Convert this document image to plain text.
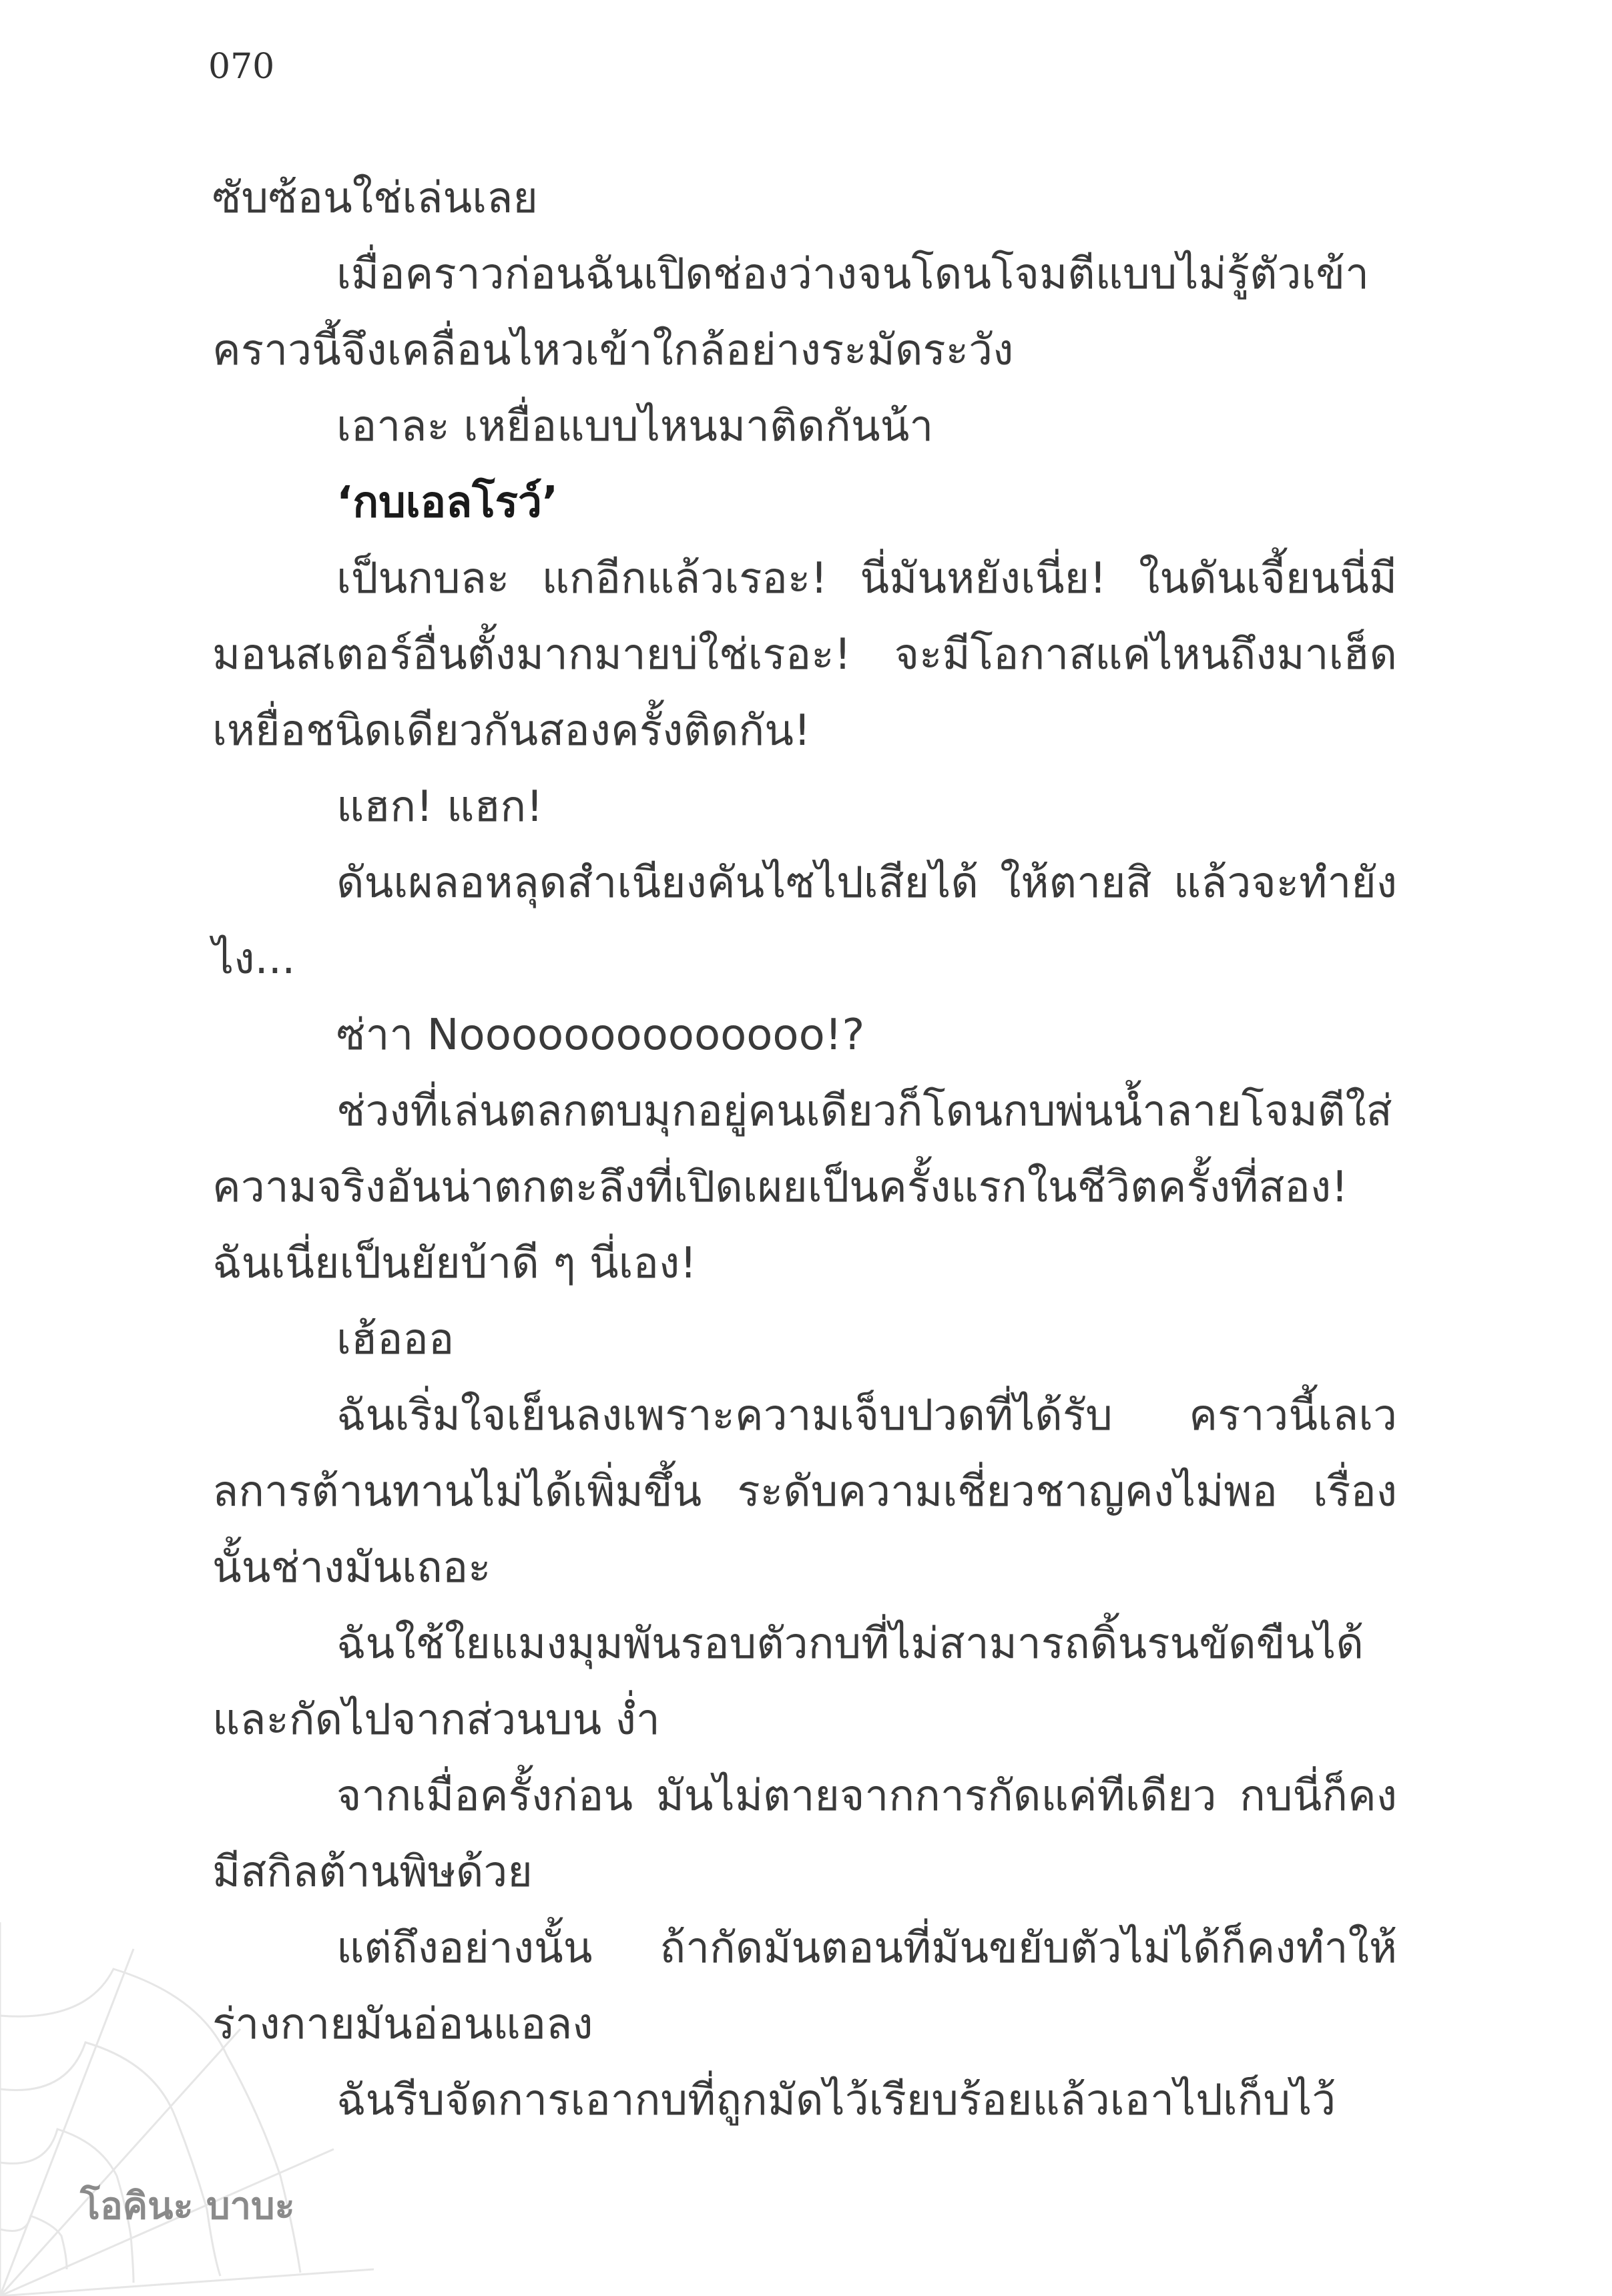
070

ซับซ้อนใช่เล่นเลย

เมื่อคราวก่อนฉันเปิดช่องว่างจนโดนโจมตีแบบไม่รู้ตัวเข้า คราวนี้จึงเคลื่อนไหวเข้าใกล้อย่างระมัดระวัง

เอาละ เหยื่อแบบไหนมาติดกันน้า

‘กบเอลโรว์’

เป็นกบละ แกอีกแล้วเรอะ! นี่มันหยังเนี่ย! ในดันเจี้ยนนี่มีมอนสเตอร์อื่นตั้งมากมายบ่ใช่เรอะ! จะมีโอกาสแค่ไหนถึงมาเฮ็ดเหยื่อชนิดเดียวกันสองครั้งติดกัน!

แฮก! แฮก!

ดันเผลอหลุดสำเนียงคันไซไปเสียได้ ให้ตายสิ แล้วจะทำยังไง...

ซ่าา Noooooooooooooo!?

ช่วงที่เล่นตลกตบมุกอยู่คนเดียวก็โดนกบพ่นน้ำลายโจมตีใส่ความจริงอันน่าตกตะลึงที่เปิดเผยเป็นครั้งแรกในชีวิตครั้งที่สอง! ฉันเนี่ยเป็นยัยบ้าดี ๆ นี่เอง!

เฮ้อออ

ฉันเริ่มใจเย็นลงเพราะความเจ็บปวดที่ได้รับ คราวนี้เลเวลการต้านทานไม่ได้เพิ่มขึ้น ระดับความเชี่ยวชาญคงไม่พอ เรื่องนั้นช่างมันเถอะ

ฉันใช้ใยแมงมุมพันรอบตัวกบที่ไม่สามารถดิ้นรนขัดขืนได้และกัดไปจากส่วนบน ง่ำ

จากเมื่อครั้งก่อน มันไม่ตายจากการกัดแค่ทีเดียว กบนี่ก็คงมีสกิลต้านพิษด้วย

แต่ถึงอย่างนั้น ถ้ากัดมันตอนที่มันขยับตัวไม่ได้ก็คงทำให้ร่างกายมันอ่อนแอลง

ฉันรีบจัดการเอากบที่ถูกมัดไว้เรียบร้อยแล้วเอาไปเก็บไว้

โอคินะ บาบะ
